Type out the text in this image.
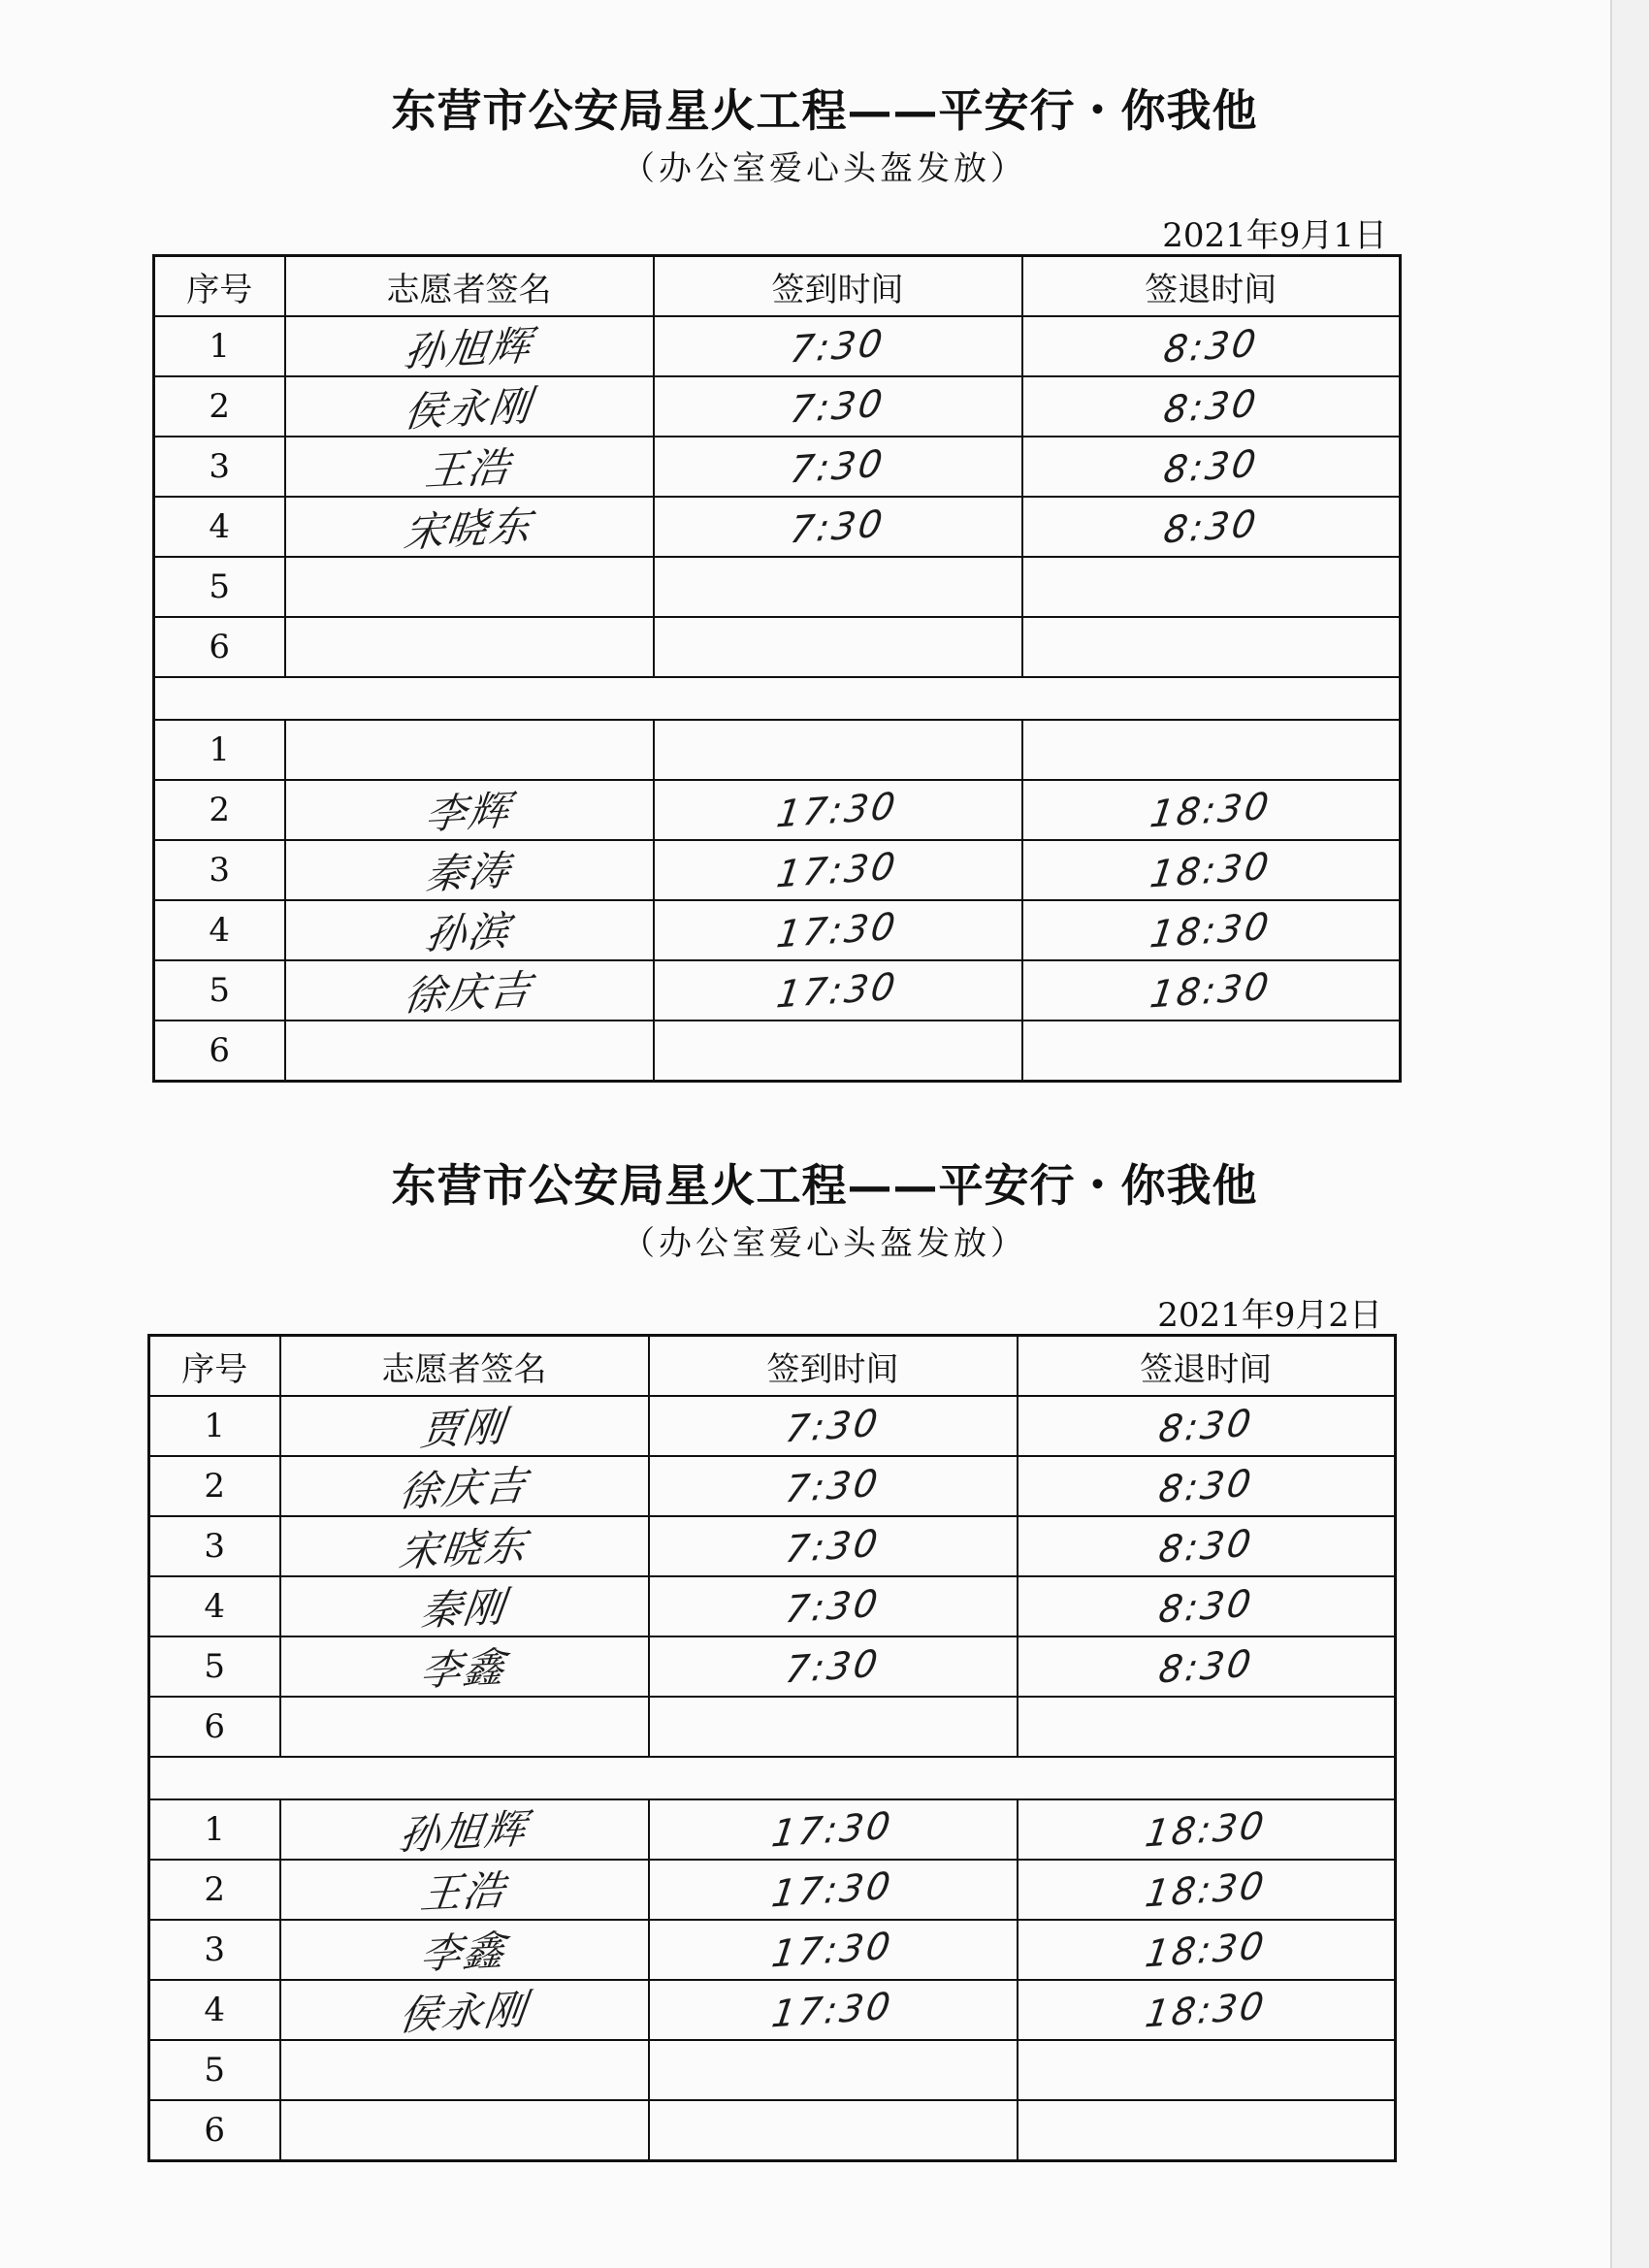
东营市公安局星火工程——平安行・你我他
（办公室爱心头盔发放）
2021年9月1日
序号	志愿者签名	签到时间	签退时间
1	孙旭辉	7:30	8:30
2	侯永刚	7:30	8:30
3	王浩	7:30	8:30
4	宋晓东	7:30	8:30
5			
6			

1			
2	李辉	17:30	18:30
3	秦涛	17:30	18:30
4	孙滨	17:30	18:30
5	徐庆吉	17:30	18:30
6			
东营市公安局星火工程——平安行・你我他
（办公室爱心头盔发放）
2021年9月2日
序号	志愿者签名	签到时间	签退时间
1	贾刚	7:30	8:30
2	徐庆吉	7:30	8:30
3	宋晓东	7:30	8:30
4	秦刚	7:30	8:30
5	李鑫	7:30	8:30
6			

1	孙旭辉	17:30	18:30
2	王浩	17:30	18:30
3	李鑫	17:30	18:30
4	侯永刚	17:30	18:30
5			
6			
